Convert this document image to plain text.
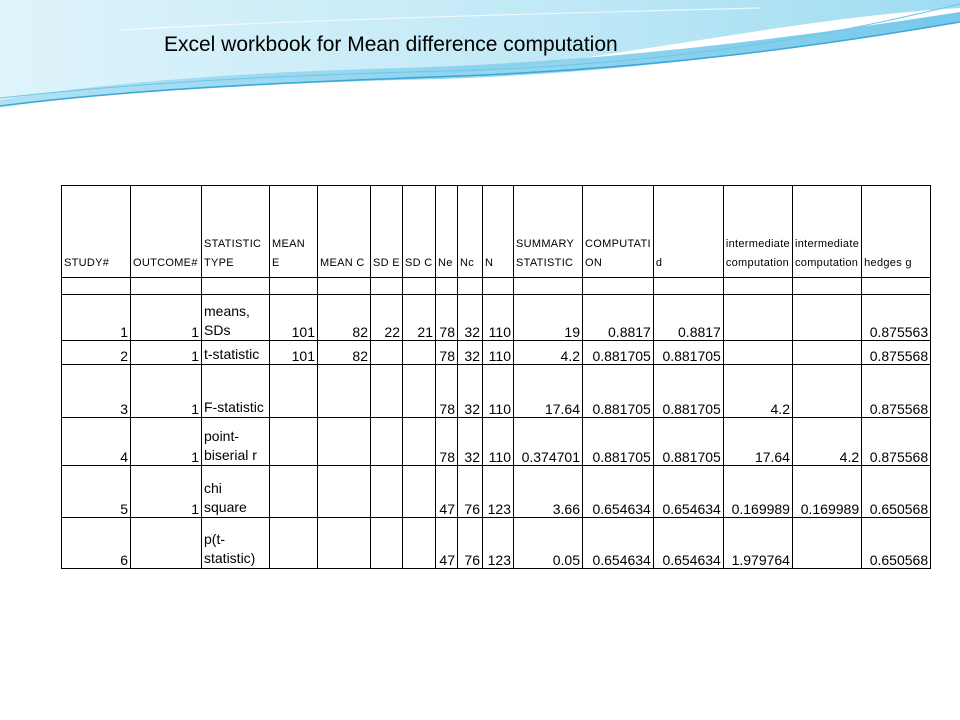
Excel workbook for Mean difference computation
STUDY#	OUTCOME#	STATISTIC TYPE	MEAN E	MEAN C	SD E	SD C	Ne	Nc	N	SUMMARY STATISTIC	COMPUTATI ON	d	intermediate computation	intermediate computation	hedges g

1	1	means, SDs	101	82	22	21	78	32	110	19	0.8817	0.8817			0.875563
2	1	t-statistic	101	82			78	32	110	4.2	0.881705	0.881705			0.875568
3	1	F-statistic					78	32	110	17.64	0.881705	0.881705	4.2		0.875568
4	1	point-biserial r					78	32	110	0.374701	0.881705	0.881705	17.64	4.2	0.875568
5	1	chi square					47	76	123	3.66	0.654634	0.654634	0.169989	0.169989	0.650568
6		p(t-statistic)					47	76	123	0.05	0.654634	0.654634	1.979764		0.650568
